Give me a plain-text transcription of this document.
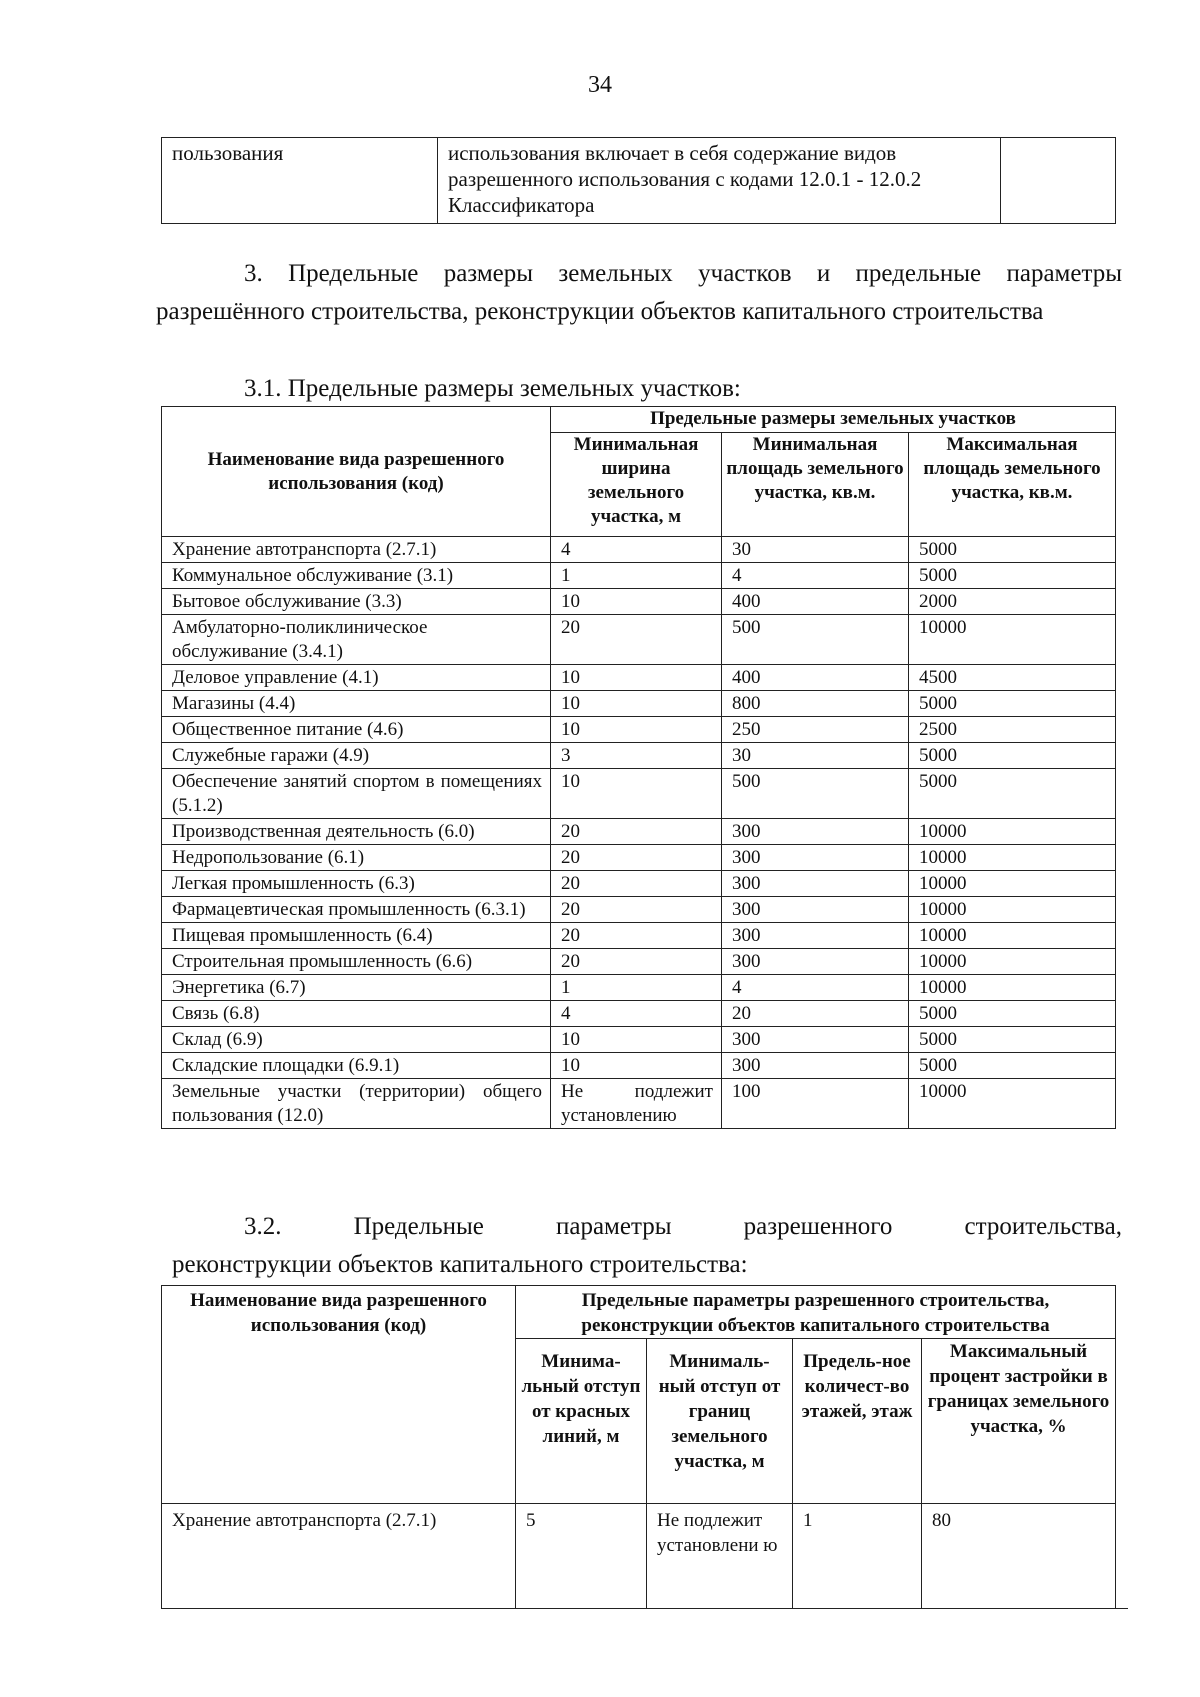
34
пользования	использования включает в себя содержание видов разрешенного использования с кодами 12.0.1 - 12.0.2 Классификатора	
3. Предельные размеры земельных участков и предельные параметры разрешённого строительства, реконструкции объектов капитального строительства
3.1. Предельные размеры земельных участков:
Наименование вида разрешенного использования (код)	Предельные размеры земельных участков		
	Минимальная ширина земельного участка, м	Минимальная площадь земельного участка, кв.м.	Максимальная площадь земельного участка, кв.м.
Хранение автотранспорта (2.7.1)	4	30	5000
Коммунальное обслуживание (3.1)	1	4	5000
Бытовое обслуживание (3.3)	10	400	2000
Амбулаторно-поликлиническое обслуживание (3.4.1)	20	500	10000
Деловое управление (4.1)	10	400	4500
Магазины (4.4)	10	800	5000
Общественное питание (4.6)	10	250	2500
Служебные гаражи (4.9)	3	30	5000
Обеспечение занятий спортом в помещениях (5.1.2)	10	500	5000
Производственная деятельность (6.0)	20	300	10000
Недропользование (6.1)	20	300	10000
Легкая промышленность (6.3)	20	300	10000
Фармацевтическая промышленность (6.3.1)	20	300	10000
Пищевая промышленность (6.4)	20	300	10000
Строительная промышленность (6.6)	20	300	10000
Энергетика (6.7)	1	4	10000
Связь (6.8)	4	20	5000
Склад (6.9)	10	300	5000
Складские площадки (6.9.1)	10	300	5000
Земельные участки (территории) общего пользования (12.0)	Не подлежит установлению	100	10000
3.2.	Предельные	параметры	разрешенного	строительства,
реконструкции объектов капитального строительства:
Наименование вида разрешенного использования (код)	Предельные параметры разрешенного строительства, реконструкции объектов капитального строительства			
	Минима-льный отступ от красных линий, м	Минималь-ный отступ от границ земельного участка, м	Предель-ное количест-во этажей, этаж	Максимальный процент застройки в границах земельного участка, %
Хранение автотранспорта (2.7.1)	5	Не подлежит установлени ю	1	80
